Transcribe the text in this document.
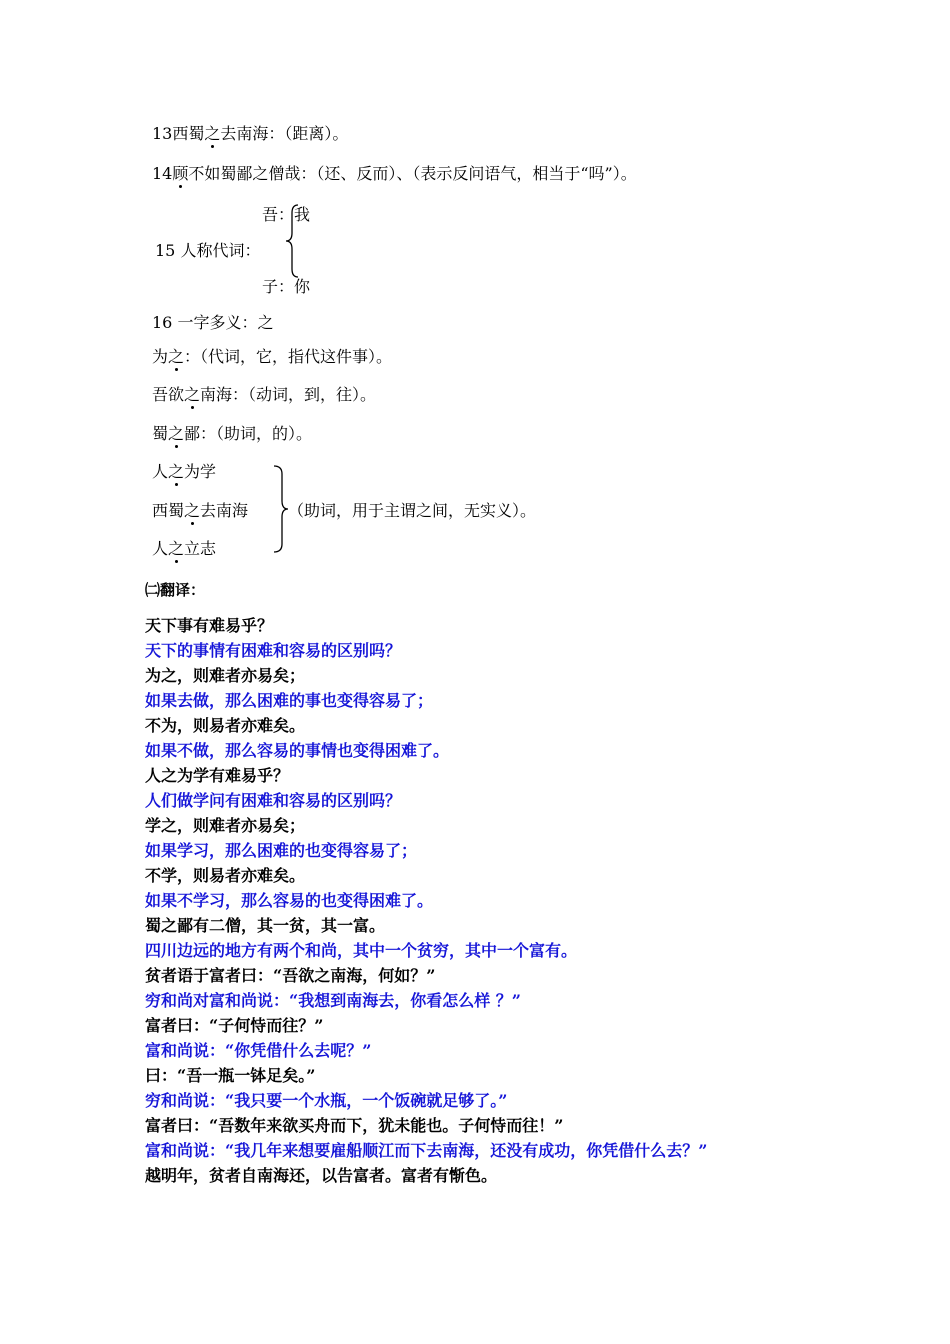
13西蜀之去南海：（距离）。
14顾不如蜀鄙之僧哉：（还、反而）、（表示反问语气，相当于“吗”）。
吾：我
15 人称代词：
子：你
16 一字多义：之
为之：（代词，它，指代这件事）。
吾欲之南海：（动词，到，往）。
蜀之鄙：（助词，的）。
人之为学
西蜀之去南海
人之立志
（助词，用于主谓之间，无实义）。
㈡翻译：
天下事有难易乎？
天下的事情有困难和容易的区别吗？
为之，则难者亦易矣；
如果去做，那么困难的事也变得容易了；
不为，则易者亦难矣。
如果不做，那么容易的事情也变得困难了。
人之为学有难易乎？
人们做学问有困难和容易的区别吗？
学之，则难者亦易矣；
如果学习，那么困难的也变得容易了；
不学，则易者亦难矣。
如果不学习，那么容易的也变得困难了。
蜀之鄙有二僧，其一贫，其一富。
四川边远的地方有两个和尚，其中一个贫穷，其中一个富有。
贫者语于富者曰：“吾欲之南海，何如？”
穷和尚对富和尚说：“我想到南海去，你看怎么样 ？”
富者曰：“子何恃而往？”
富和尚说：“你凭借什么去呢？”
曰：“吾一瓶一钵足矣。”
穷和尚说：“我只要一个水瓶，一个饭碗就足够了。”
富者曰：“吾数年来欲买舟而下，犹未能也。子何恃而往！”
富和尚说：“我几年来想要雇船顺江而下去南海，还没有成功，你凭借什么去？”
越明年，贫者自南海还，以告富者。富者有惭色。
